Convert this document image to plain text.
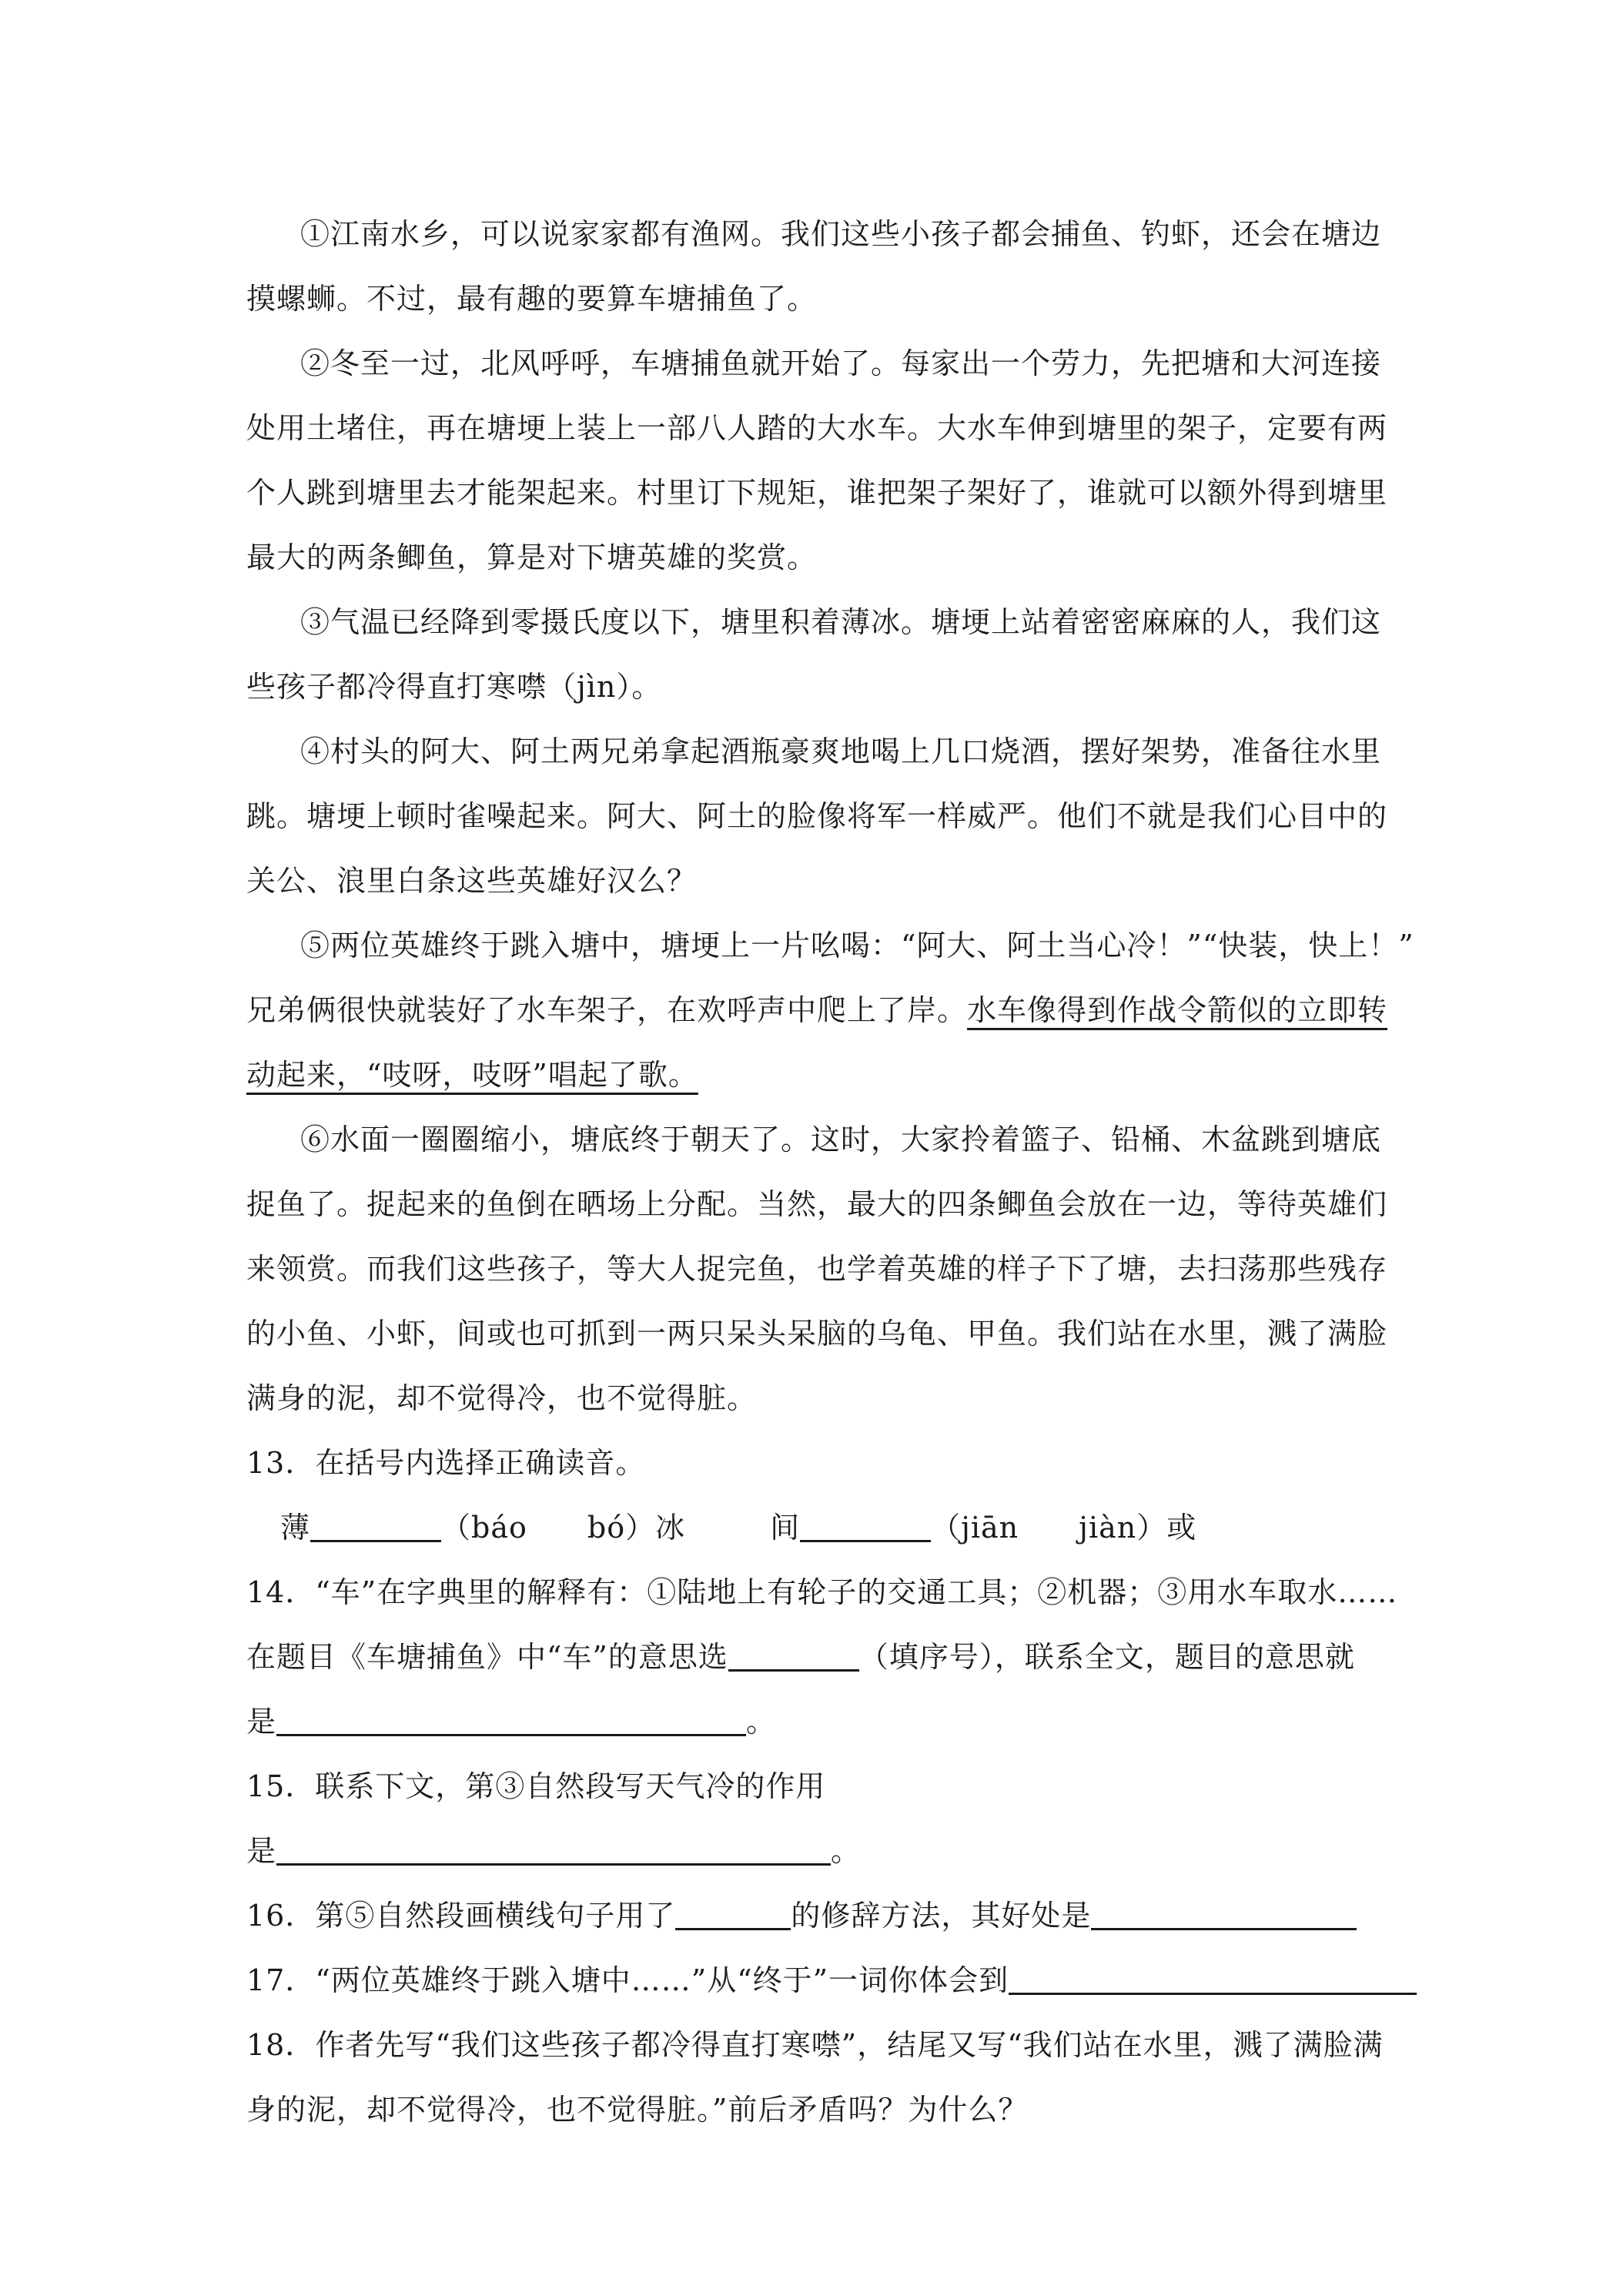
①江南水乡，可以说家家都有渔网。我们这些小孩子都会捕鱼、钓虾，还会在塘边
摸螺蛳。不过，最有趣的要算车塘捕鱼了。
②冬至一过，北风呼呼，车塘捕鱼就开始了。每家出一个劳力，先把塘和大河连接
处用土堵住，再在塘埂上装上一部八人踏的大水车。大水车伸到塘里的架子，定要有两
个人跳到塘里去才能架起来。村里订下规矩，谁把架子架好了，谁就可以额外得到塘里
最大的两条鲫鱼，算是对下塘英雄的奖赏。
③气温已经降到零摄氏度以下，塘里积着薄冰。塘埂上站着密密麻麻的人，我们这
些孩子都冷得直打寒噤（jìn）。
④村头的阿大、阿土两兄弟拿起酒瓶豪爽地喝上几口烧酒，摆好架势，准备往水里
跳。塘埂上顿时雀噪起来。阿大、阿土的脸像将军一样威严。他们不就是我们心目中的
关公、浪里白条这些英雄好汉么？
⑤两位英雄终于跳入塘中，塘埂上一片吆喝：“阿大、阿土当心冷！”“快装，快上！”
兄弟俩很快就装好了水车架子，在欢呼声中爬上了岸。水车像得到作战令箭似的立即转
动起来，“吱呀，吱呀”唱起了歌。
⑥水面一圈圈缩小，塘底终于朝天了。这时，大家拎着篮子、铅桶、木盆跳到塘底
捉鱼了。捉起来的鱼倒在晒场上分配。当然，最大的四条鲫鱼会放在一边，等待英雄们
来领赏。而我们这些孩子，等大人捉完鱼，也学着英雄的样子下了塘，去扫荡那些残存
的小鱼、小虾，间或也可抓到一两只呆头呆脑的乌龟、甲鱼。我们站在水里，溅了满脸
满身的泥，却不觉得冷，也不觉得脏。
13．在括号内选择正确读音。
薄	（báo　　bó）冰	间	（jiān　　jiàn）或
14．“车”在字典里的解释有：①陆地上有轮子的交通工具；②机器；③用水车取水……
在题目《车塘捕鱼》中“车”的意思选	（填序号），联系全文，题目的意思就
是	。
15．联系下文，第③自然段写天气冷的作用
是	。
16．第⑤自然段画横线句子用了	的修辞方法，其好处是
17．“两位英雄终于跳入塘中……”从“终于”一词你体会到
18．作者先写“我们这些孩子都冷得直打寒噤”，结尾又写“我们站在水里，溅了满脸满
身的泥，却不觉得冷，也不觉得脏。”前后矛盾吗？为什么？
